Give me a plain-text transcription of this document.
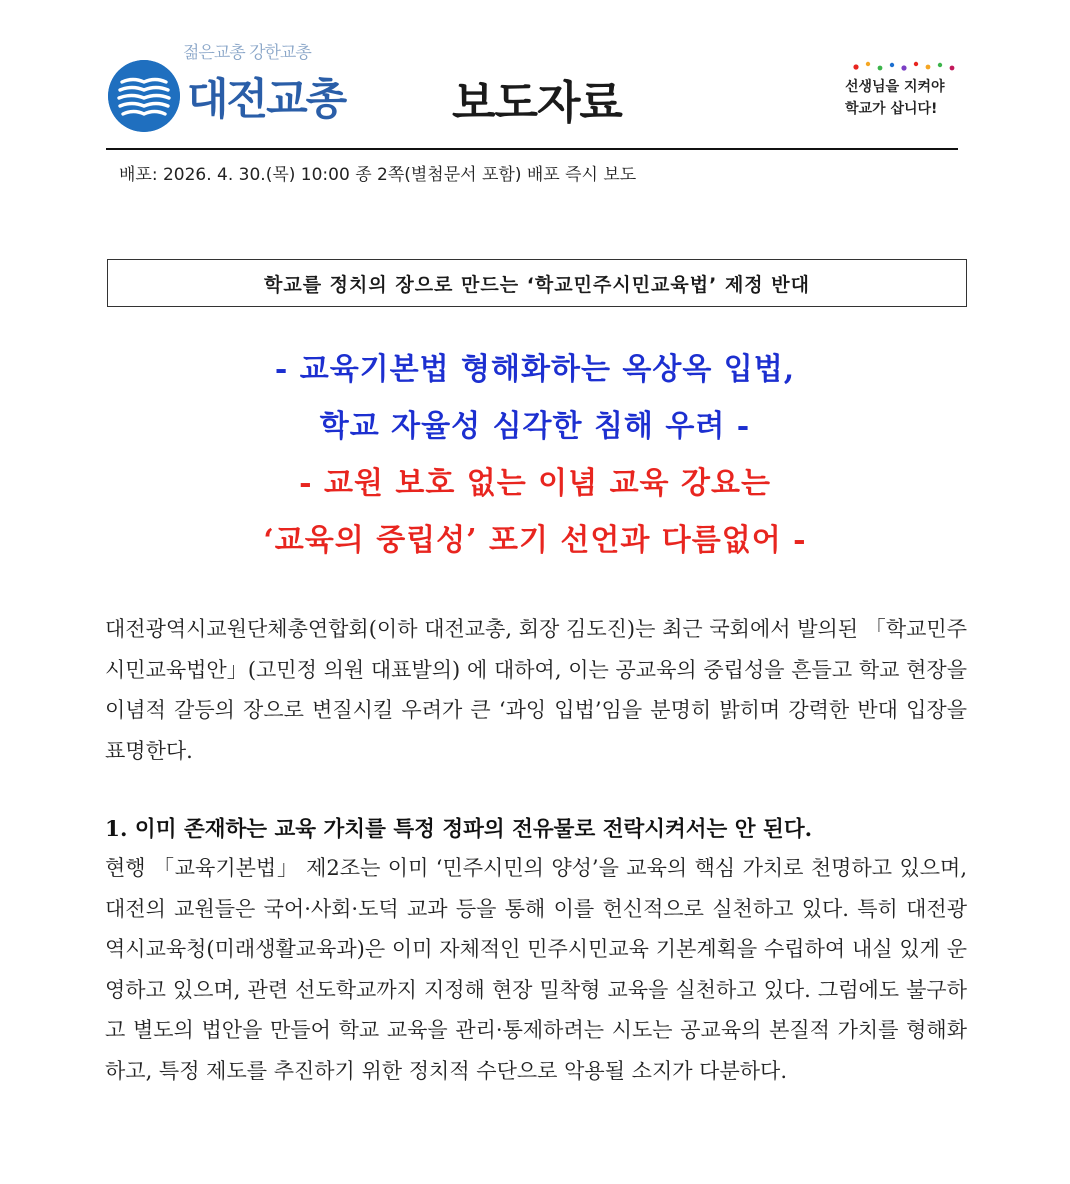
젊은교총 강한교총
대전교총 보도자료	선생님을 지켜야
학교가 삽니다!
배포: 2026. 4. 30.(목) 10:00 종 2쪽(별첨문서 포함) 배포 즉시 보도
학교를 정치의 장으로 만드는 ‘학교민주시민교육법’ 제정 반대
- 교육기본법 형해화하는 옥상옥 입법,
학교 자율성 심각한 침해 우려 -
- 교원 보호 없는 이념 교육 강요는
‘교육의 중립성’ 포기 선언과 다름없어 -
대전광역시교원단체총연합회(이하 대전교총, 회장 김도진)는 최근 국회에서 발의된 「학교민주시민교육법안」(고민정 의원 대표발의) 에 대하여, 이는 공교육의 중립성을 흔들고 학교 현장을 이념적 갈등의 장으로 변질시킬 우려가 큰 ‘과잉 입법’임을 분명히 밝히며 강력한 반대 입장을 표명한다.
1. 이미 존재하는 교육 가치를 특정 정파의 전유물로 전락시켜서는 안 된다.
현행 「교육기본법」 제2조는 이미 ‘민주시민의 양성’을 교육의 핵심 가치로 천명하고 있으며, 대전의 교원들은 국어·사회·도덕 교과 등을 통해 이를 헌신적으로 실천하고 있다. 특히 대전광역시교육청(미래생활교육과)은 이미 자체적인 민주시민교육 기본계획을 수립하여 내실 있게 운영하고 있으며, 관련 선도학교까지 지정해 현장 밀착형 교육을 실천하고 있다. 그럼에도 불구하고 별도의 법안을 만들어 학교 교육을 관리·통제하려는 시도는 공교육의 본질적 가치를 형해화하고, 특정 제도를 추진하기 위한 정치적 수단으로 악용될 소지가 다분하다.
